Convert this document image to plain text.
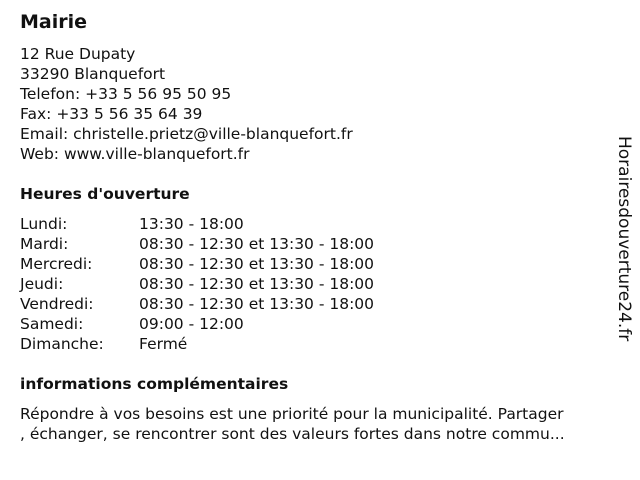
Mairie
12 Rue Dupaty
33290 Blanquefort
Telefon: +33 5 56 95 50 95
Fax: +33 5 56 35 64 39
Email: christelle.prietz@ville-blanquefort.fr
Web: www.ville-blanquefort.fr
Heures d'ouverture
Lundi:	13:30 - 18:00
Mardi:	08:30 - 12:30 et 13:30 - 18:00
Mercredi:	08:30 - 12:30 et 13:30 - 18:00
Jeudi:	08:30 - 12:30 et 13:30 - 18:00
Vendredi:	08:30 - 12:30 et 13:30 - 18:00
Samedi:	09:00 - 12:00
Dimanche: Fermé
informations complémentaires
Répondre à vos besoins est une priorité pour la municipalité. Partager
, échanger, se rencontrer sont des valeurs fortes dans notre commu...
Horairesdouverture24.fr
